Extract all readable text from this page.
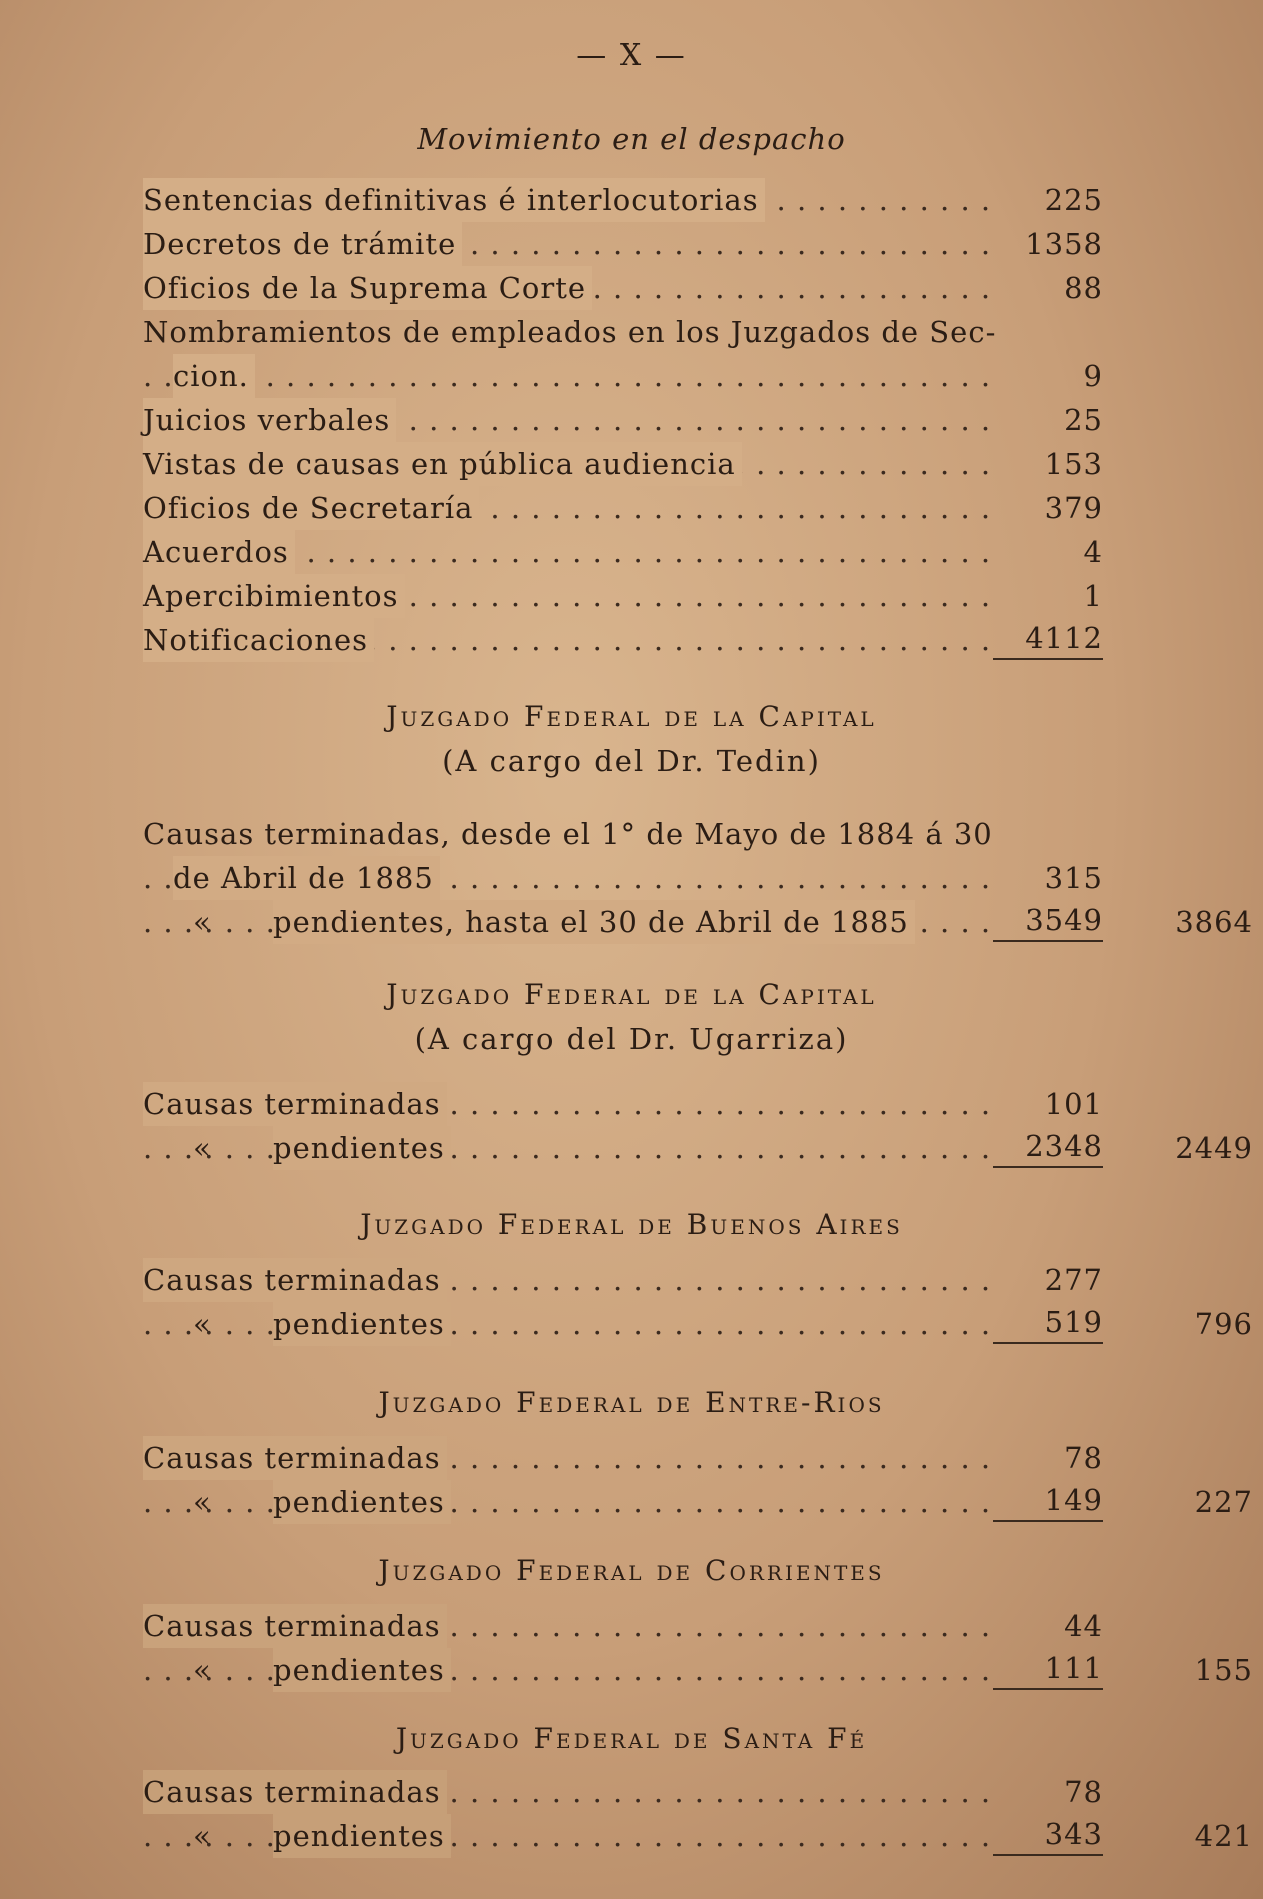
— X —
Movimiento en el despacho
. . .
Sentencias definitivas é interlocutorias	225
. . .
Decretos de trámite	1358
. . .
Oficios de la Suprema Corte	88
Nombramientos de empleados en los Juzgados de Sec-
. . .
cion.	9
. . .
Juicios verbales	25
. . .
Vistas de causas en pública audiencia	153
. . .
Oficios de Secretaría	379
. . .
Acuerdos	4
. . .
Apercibimientos	1
. . .
Notificaciones	4112
Juzgado Federal de la Capital
(A cargo del Dr. Tedin)
Causas terminadas, desde el 1° de Mayo de 1884 á 30
. . .
de Abril de 1885	315
. . .
« pendientes, hasta el 30 de Abril de 1885	3549	3864
Juzgado Federal de la Capital
(A cargo del Dr. Ugarriza)
. . .
Causas terminadas	101
. . .
« pendientes	2348	2449
Juzgado Federal de Buenos Aires
. . .
Causas terminadas	277
. . .
« pendientes	519	796
Juzgado Federal de Entre-Rios
. . .
Causas terminadas	78
. . .
« pendientes	149	227
Juzgado Federal de Corrientes
. . .
Causas terminadas	44
. . .
« pendientes	111	155
Juzgado Federal de Santa Fé
. . .
Causas terminadas	78
. . .
« pendientes	343	421
